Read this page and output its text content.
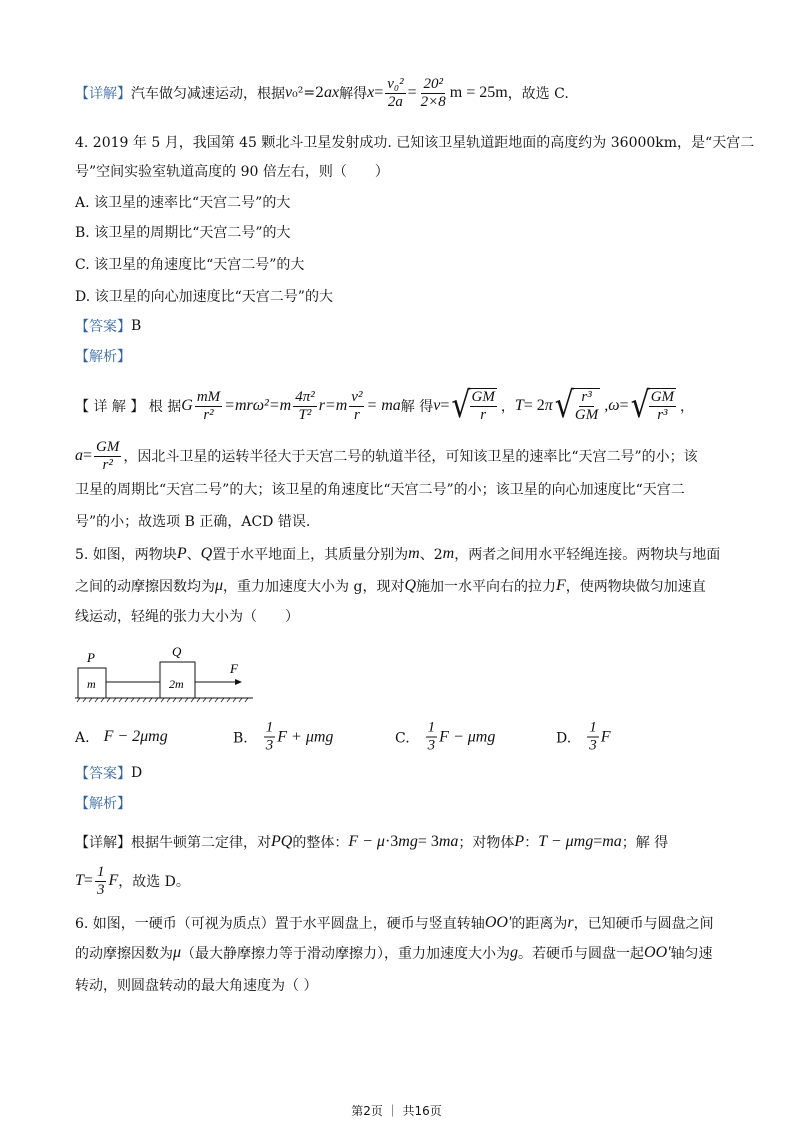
【详解】 汽车做匀减速运动，根据 v ₀²=2 ax 解得 $x = \frac{\text{v₀²}}{2a} = \frac{\text{20²}}{2\times 8}$ m = 25m ，故选 C.
4. 2019 年 5 月，我国第 45 颗北斗卫星发射成功. 已知该卫星轨道距地面的高度约为 36000km，是“天宫二
号”空间实验室轨道高度的 90 倍左右，则（　　）
A. 该卫星的速率比“天宫二号”的大
B. 该卫星的周期比“天宫二号”的大
C. 该卫星的角速度比“天宫二号”的大
D. 该卫星的向心加速度比“天宫二号”的大
【答案】 B
【解析】
【 详 解 】 根 据 G $\frac{mM}{\text{r²}} =mr\omega^2=m \frac{\text{4π²}}{\text{T²}} r=m \frac{\text{v²}}{r}$ = ma 解 得 v = √ $\frac{GM}{r}$ ， T = 2 π √ $\frac{\text{r³}}{GM} ,\omega$ = √ $\frac{GM}{\text{r³}}$ ，
$a = \frac{GM}{\text{r²}}$ ，因北斗卫星的运转半径大于天宫二号的轨道半径，可知该卫星的速率比“天宫二号”的小；该
卫星的周期比“天宫二号”的大；该卫星的角速度比“天宫二号”的小；该卫星的向心加速度比“天宫二
号”的小；故选项 B 正确，ACD 错误.
5. 如图，两物块 P 、 Q 置于水平地面上，其质量分别为 m 、2 m ，两者之间用水平轻绳连接。两物块与地面
之间的动摩擦因数均为 μ ，重力加速度大小为 g，现对 Q 施加一水平向右的拉力 F ，使两物块做匀加速直
线运动，轻绳的张力大小为（　　）
P	Q
m	2m
F
A.　 F − 2μmg	B.　 $\frac{1}{3}$ F + μmg	C.　 $\frac{1}{3}$ F − μmg	D.　 $\frac{1}{3}$ F
【答案】 D
【解析】
【详解】根据牛顿第二定律，对 PQ 的整体： F − μ ·3 mg = 3 ma ；对物体 P ： T − μmg = ma ；解 得
$T = \frac{1}{3}$ F ，故选 D。
6. 如图，一硬币（可视为质点）置于水平圆盘上，硬币与竖直转轴 OO' 的距离为 r ，已知硬币与圆盘之间
的动摩擦因数为 μ （最大静摩擦力等于滑动摩擦力），重力加速度大小为 g 。若硬币与圆盘一起 OO' 轴匀速
转动，则圆盘转动的最大角速度为（ ）
第2页 ｜ 共16页
